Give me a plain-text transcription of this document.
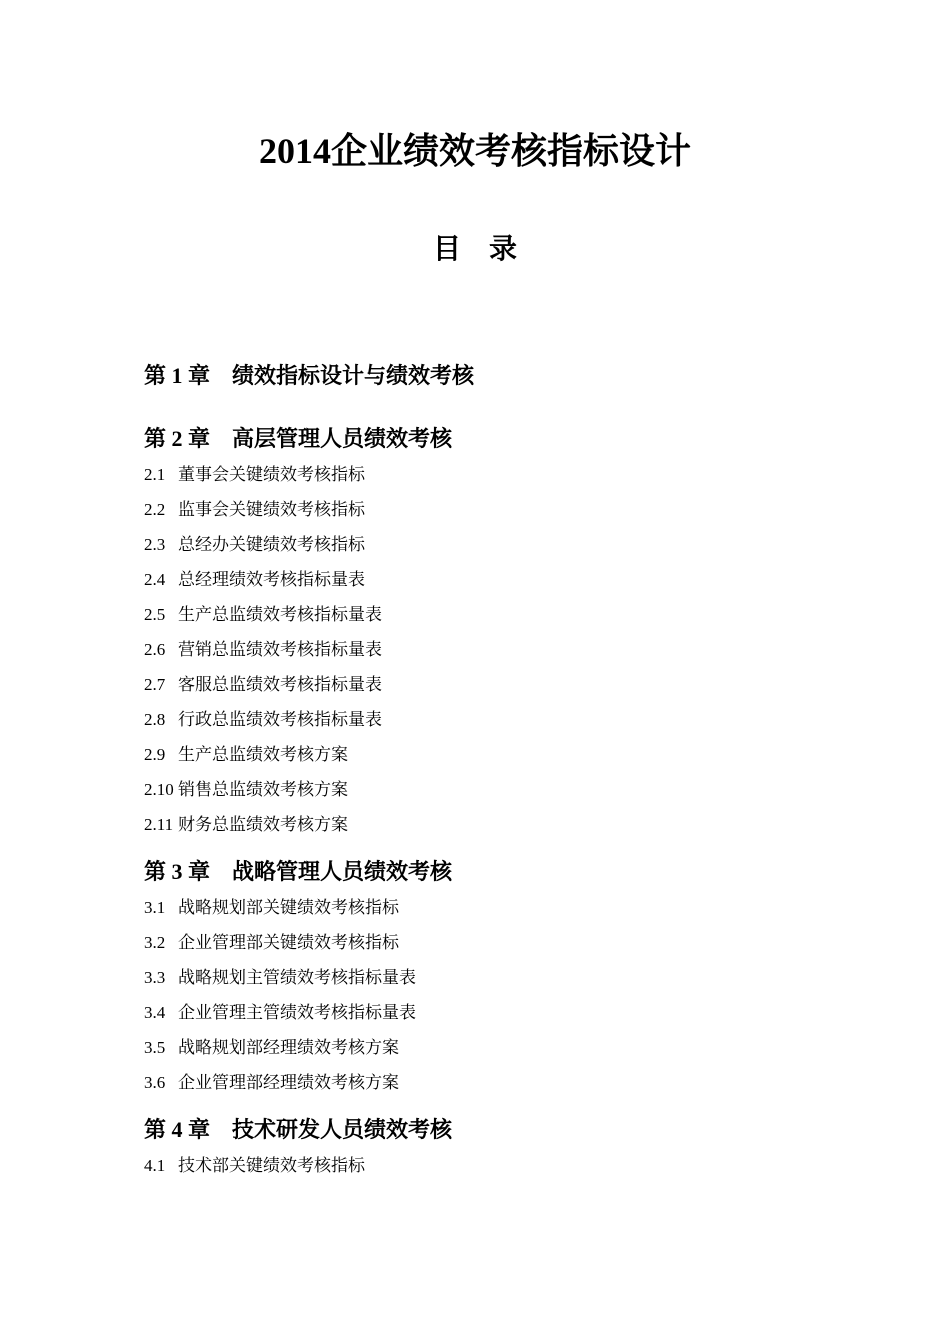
2014企业绩效考核指标设计
目录
第 1 章 绩效指标设计与绩效考核
第 2 章 高层管理人员绩效考核
2.1 董事会关键绩效考核指标
2.2 监事会关键绩效考核指标
2.3 总经办关键绩效考核指标
2.4 总经理绩效考核指标量表
2.5 生产总监绩效考核指标量表
2.6 营销总监绩效考核指标量表
2.7 客服总监绩效考核指标量表
2.8 行政总监绩效考核指标量表
2.9 生产总监绩效考核方案
2.10 销售总监绩效考核方案
2.11 财务总监绩效考核方案
第 3 章 战略管理人员绩效考核
3.1 战略规划部关键绩效考核指标
3.2 企业管理部关键绩效考核指标
3.3 战略规划主管绩效考核指标量表
3.4 企业管理主管绩效考核指标量表
3.5 战略规划部经理绩效考核方案
3.6 企业管理部经理绩效考核方案
第 4 章 技术研发人员绩效考核
4.1 技术部关键绩效考核指标
